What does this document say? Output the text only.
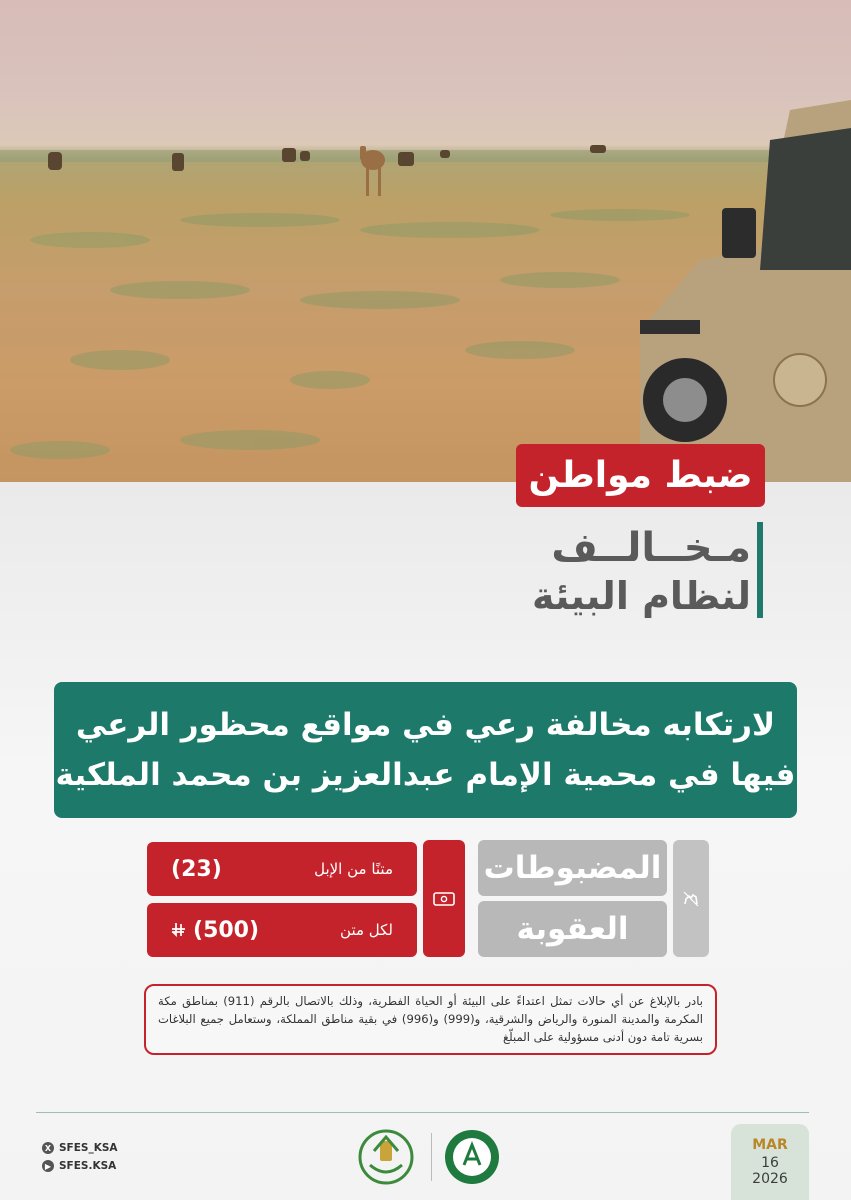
ضبط مواطن
مـخــالــف
لنظام البيئة
لارتكابه مخالفة رعي في مواقع محظور الرعي
فيها في محمية الإمام عبدالعزيز بن محمد الملكية
المضبوطات
العقوبة
متنًا من الإبل
(23)
لكل متن
(500)
بادر بالإبلاغ عن أي حالات تمثل اعتداءً على البيئة أو الحياة الفطرية، وذلك بالاتصال بالرقم (911) بمناطق مكة المكرمة والمدينة المنورة والرياض والشرقية، و(999) و(996) في بقية مناطق المملكة، وستعامل جميع البلاغات بسرية تامة دون أدنى مسؤولية على المبلّغ
X SFES_KSA
▶ SFES.KSA
MAR
16
2026
